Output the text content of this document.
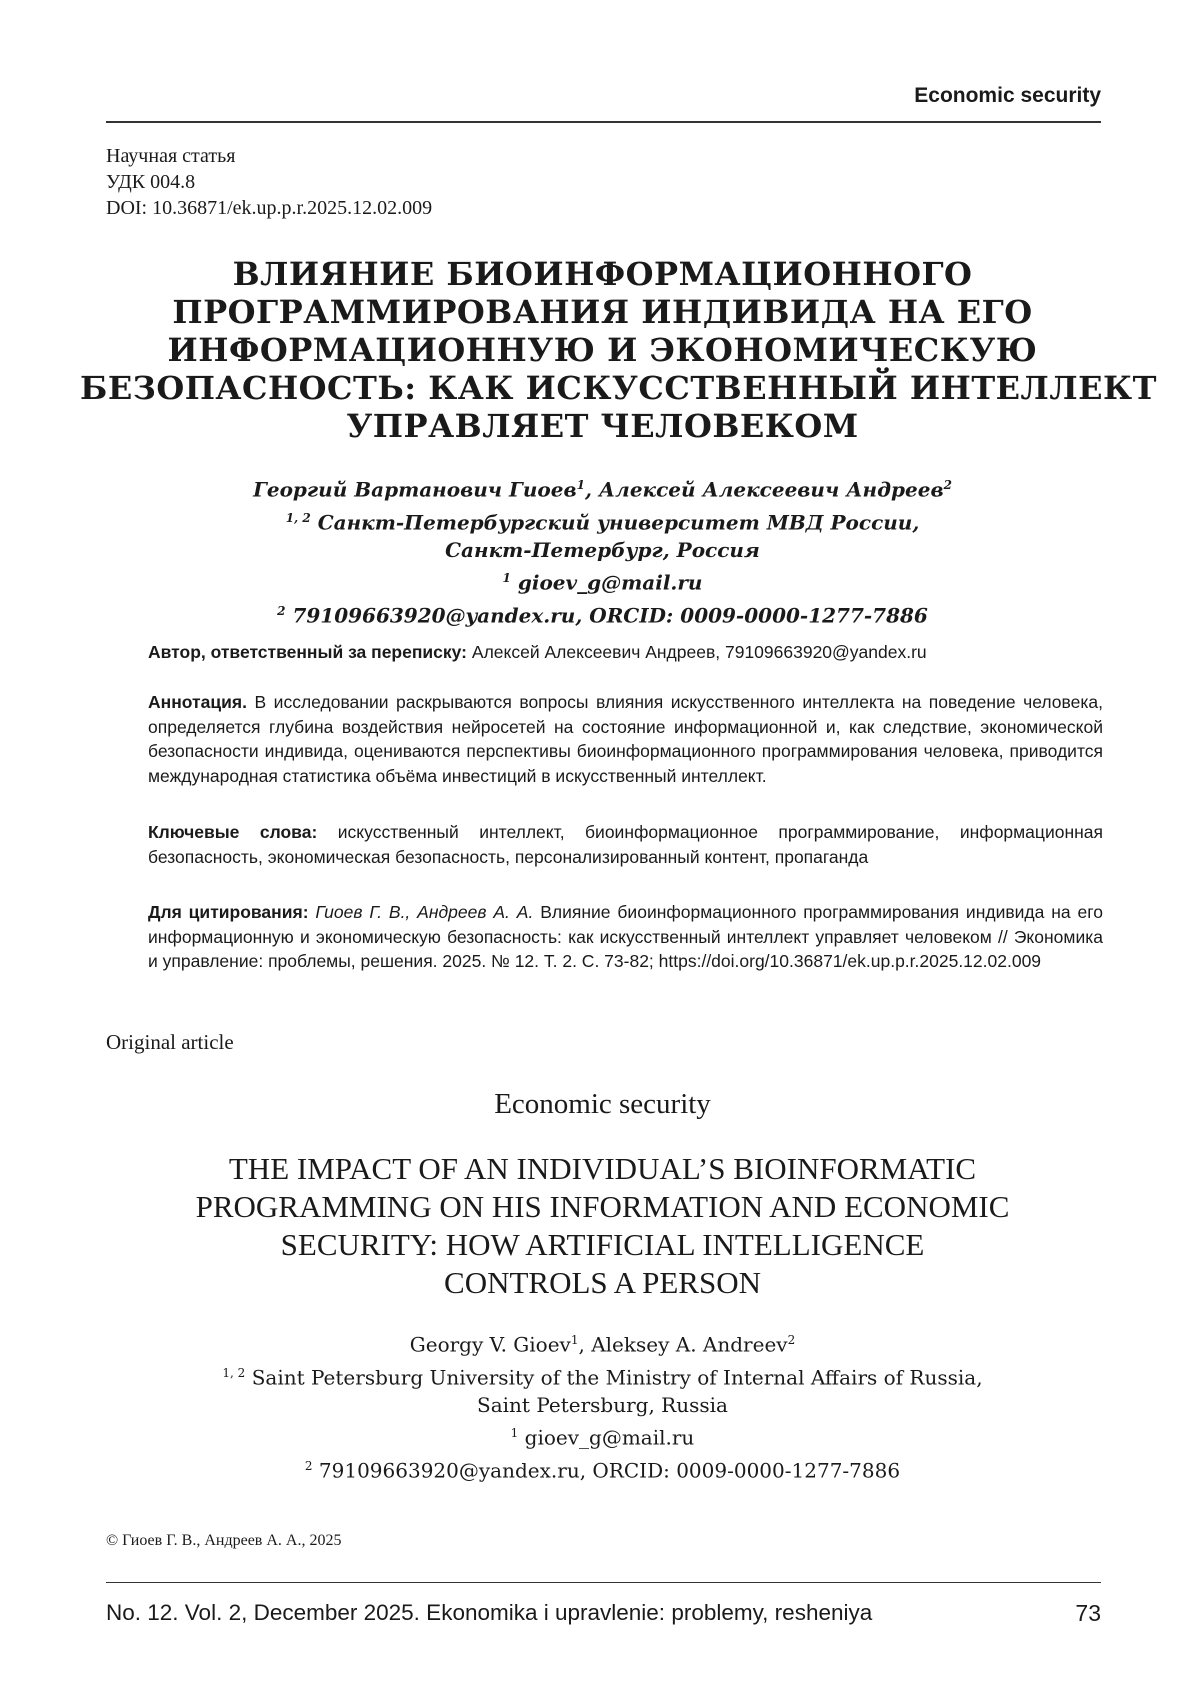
Economic security
Научная статья
УДК 004.8
DOI: 10.36871/ek.up.p.r.2025.12.02.009
ВЛИЯНИЕ БИОИНФОРМАЦИОННОГО
ПРОГРАММИРОВАНИЯ ИНДИВИДА НА ЕГО
ИНФОРМАЦИОННУЮ И ЭКОНОМИЧЕСКУЮ
БЕЗОПАСНОСТЬ: КАК ИСКУССТВЕННЫЙ ИНТЕЛЛЕКТ
УПРАВЛЯЕТ ЧЕЛОВЕКОМ
Георгий Вартанович Гиоев1, Алексей Алексеевич Андреев2
1, 2 Санкт-Петербургский университет МВД России,
Санкт-Петербург, Россия
1 gioev_g@mail.ru
2 79109663920@yandex.ru, ORCID: 0009-0000-1277-7886
Автор, ответственный за переписку: Алексей Алексеевич Андреев, 79109663920@yandex.ru
Аннотация. В исследовании раскрываются вопросы влияния искусственного интеллекта на поведение человека, определяется глубина воздействия нейросетей на состояние информационной и, как следствие, экономической безопасности индивида, оцениваются перспективы биоинформационного программирования человека, приводится международная статистика объёма инвестиций в искусственный интеллект.
Ключевые слова: искусственный интеллект, биоинформационное программирование, информационная безопасность, экономическая безопасность, персонализированный контент, пропаганда
Для цитирования: Гиоев Г. В., Андреев А. А. Влияние биоинформационного программирования индивида на его информационную и экономическую безопасность: как искусственный интеллект управляет человеком // Экономика и управление: проблемы, решения. 2025. № 12. Т. 2. С. 73-82; https://doi.org/10.36871/ek.up.p.r.2025.12.02.009
Original article
Economic security
THE IMPACT OF AN INDIVIDUAL’S BIOINFORMATIC
PROGRAMMING ON HIS INFORMATION AND ECONOMIC
SECURITY: HOW ARTIFICIAL INTELLIGENCE
CONTROLS A PERSON
Georgy V. Gioev1, Aleksey A. Andreev2
1, 2 Saint Petersburg University of the Ministry of Internal Affairs of Russia,
Saint Petersburg, Russia
1 gioev_g@mail.ru
2 79109663920@yandex.ru, ORCID: 0009-0000-1277-7886
© Гиоев Г. В., Андреев А. А., 2025
No. 12. Vol. 2, December 2025. Ekonomika i upravlenie: problemy, resheniya	73
